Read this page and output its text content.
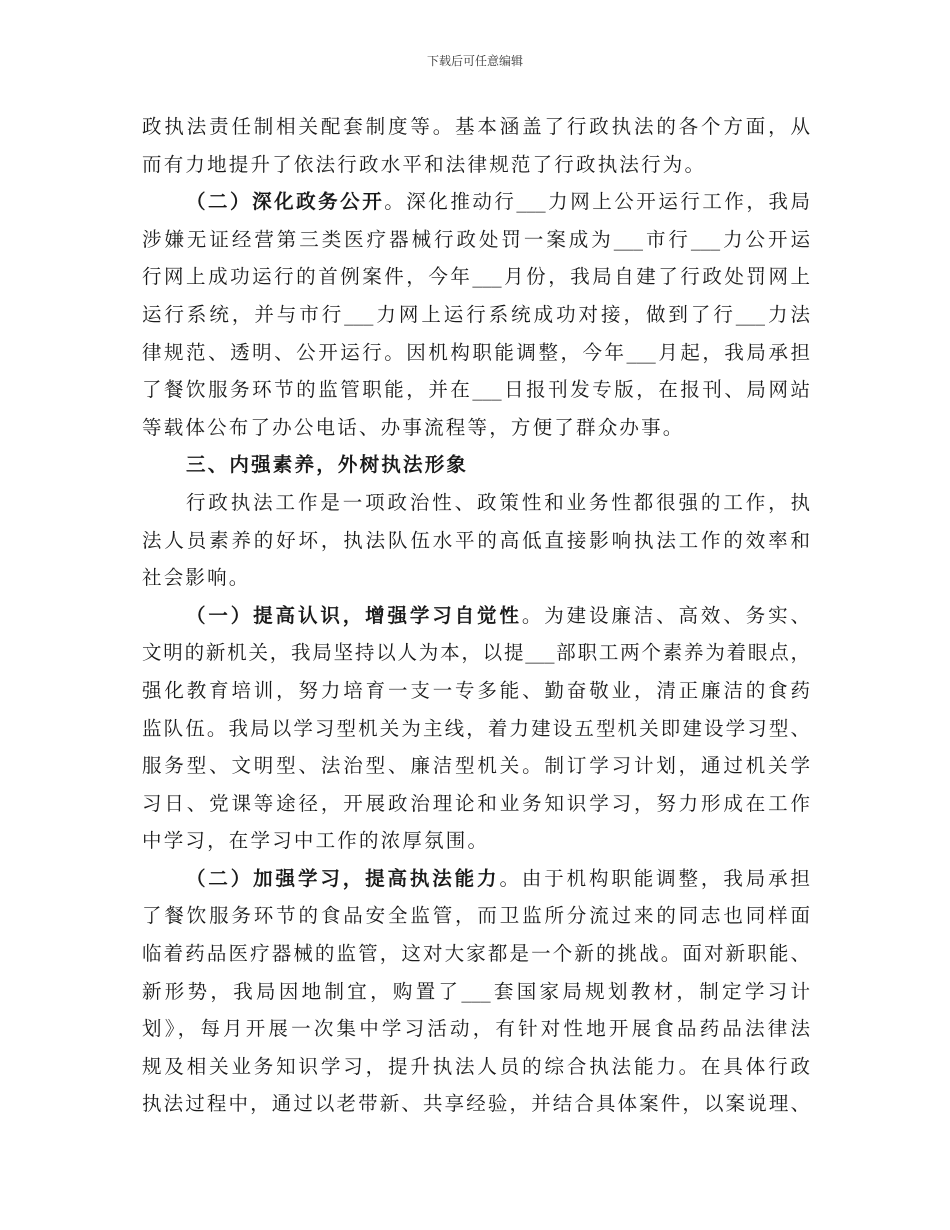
下载后可任意编辑
政执法责任制相关配套制度等。基本涵盖了行政执法的各个方面，从
而有力地提升了依法行政水平和法律规范了行政执法行为。
（二）深化政务公开。深化推动行___力网上公开运行工作，我局
涉嫌无证经营第三类医疗器械行政处罚一案成为___市行___力公开运
行网上成功运行的首例案件，今年___月份，我局自建了行政处罚网上
运行系统，并与市行___力网上运行系统成功对接，做到了行___力法
律规范、透明、公开运行。因机构职能调整，今年___月起，我局承担
了餐饮服务环节的监管职能，并在___日报刊发专版，在报刊、局网站
等载体公布了办公电话、办事流程等，方便了群众办事。
三、内强素养，外树执法形象
行政执法工作是一项政治性、政策性和业务性都很强的工作，执
法人员素养的好坏，执法队伍水平的高低直接影响执法工作的效率和
社会影响。
（一）提高认识，增强学习自觉性。为建设廉洁、高效、务实、
文明的新机关，我局坚持以人为本，以提___部职工两个素养为着眼点，
强化教育培训，努力培育一支一专多能、勤奋敬业，清正廉洁的食药
监队伍。我局以学习型机关为主线，着力建设五型机关即建设学习型、
服务型、文明型、法治型、廉洁型机关。制订学习计划，通过机关学
习日、党课等途径，开展政治理论和业务知识学习，努力形成在工作
中学习，在学习中工作的浓厚氛围。
（二）加强学习，提高执法能力。由于机构职能调整，我局承担
了餐饮服务环节的食品安全监管，而卫监所分流过来的同志也同样面
临着药品医疗器械的监管，这对大家都是一个新的挑战。面对新职能、
新形势，我局因地制宜，购置了___套国家局规划教材，制定学习计
划》，每月开展一次集中学习活动，有针对性地开展食品药品法律法
规及相关业务知识学习，提升执法人员的综合执法能力。在具体行政
执法过程中，通过以老带新、共享经验，并结合具体案件，以案说理、
